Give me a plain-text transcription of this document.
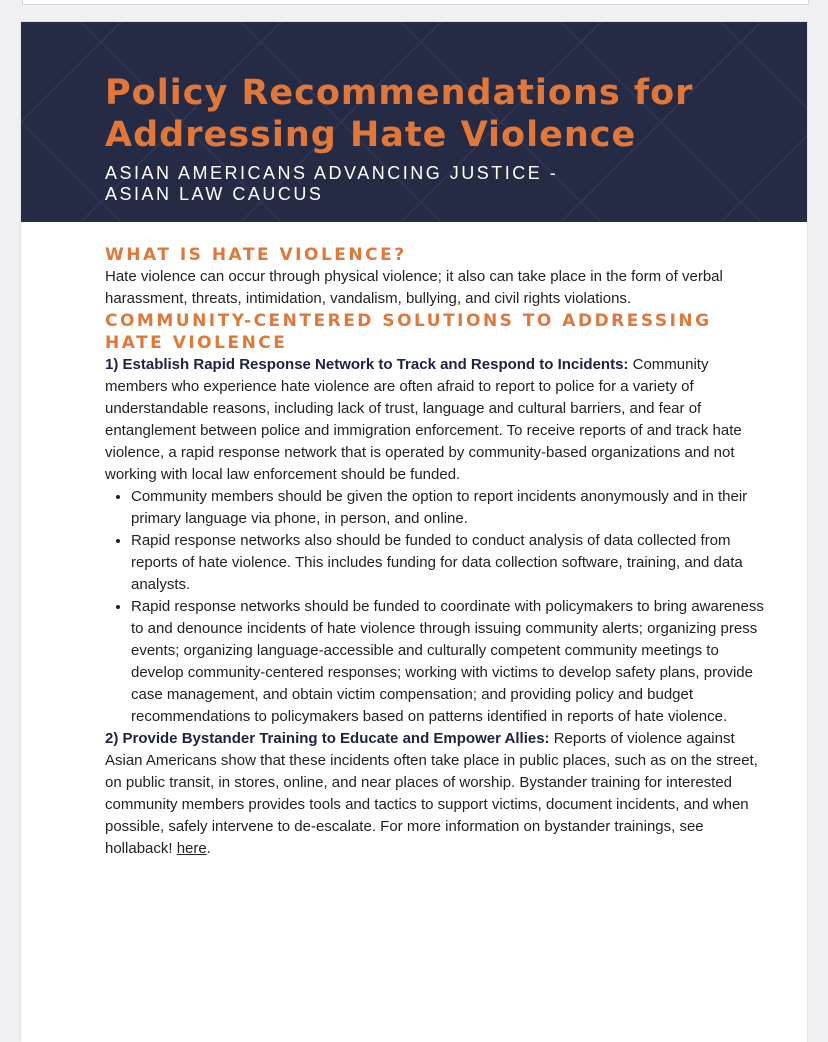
Policy Recommendations for
Addressing Hate Violence
ASIAN AMERICANS ADVANCING JUSTICE -
ASIAN LAW CAUCUS
WHAT IS HATE VIOLENCE?

Hate violence can occur through physical violence; it also can take place in the form of verbal harassment, threats, intimidation, vandalism, bullying, and civil rights violations.

COMMUNITY-CENTERED SOLUTIONS TO ADDRESSING HATE VIOLENCE

1) Establish Rapid Response Network to Track and Respond to Incidents: Community members who experience hate violence are often afraid to report to police for a variety of understandable reasons, including lack of trust, language and cultural barriers, and fear of entanglement between police and immigration enforcement. To receive reports of and track hate violence, a rapid response network that is operated by community-based organizations and not working with local law enforcement should be funded.

• Community members should be given the option to report incidents anonymously and in their primary language via phone, in person, and online.
• Rapid response networks also should be funded to conduct analysis of data collected from reports of hate violence. This includes funding for data collection software, training, and data analysts.
• Rapid response networks should be funded to coordinate with policymakers to bring awareness to and denounce incidents of hate violence through issuing community alerts; organizing press events; organizing language-accessible and culturally competent community meetings to develop community-centered responses; working with victims to develop safety plans, provide case management, and obtain victim compensation; and providing policy and budget recommendations to policymakers based on patterns identified in reports of hate violence.

2) Provide Bystander Training to Educate and Empower Allies: Reports of violence against Asian Americans show that these incidents often take place in public places, such as on the street, on public transit, in stores, online, and near places of worship. Bystander training for interested community members provides tools and tactics to support victims, document incidents, and when possible, safely intervene to de-escalate. For more information on bystander trainings, see hollaback! here.
